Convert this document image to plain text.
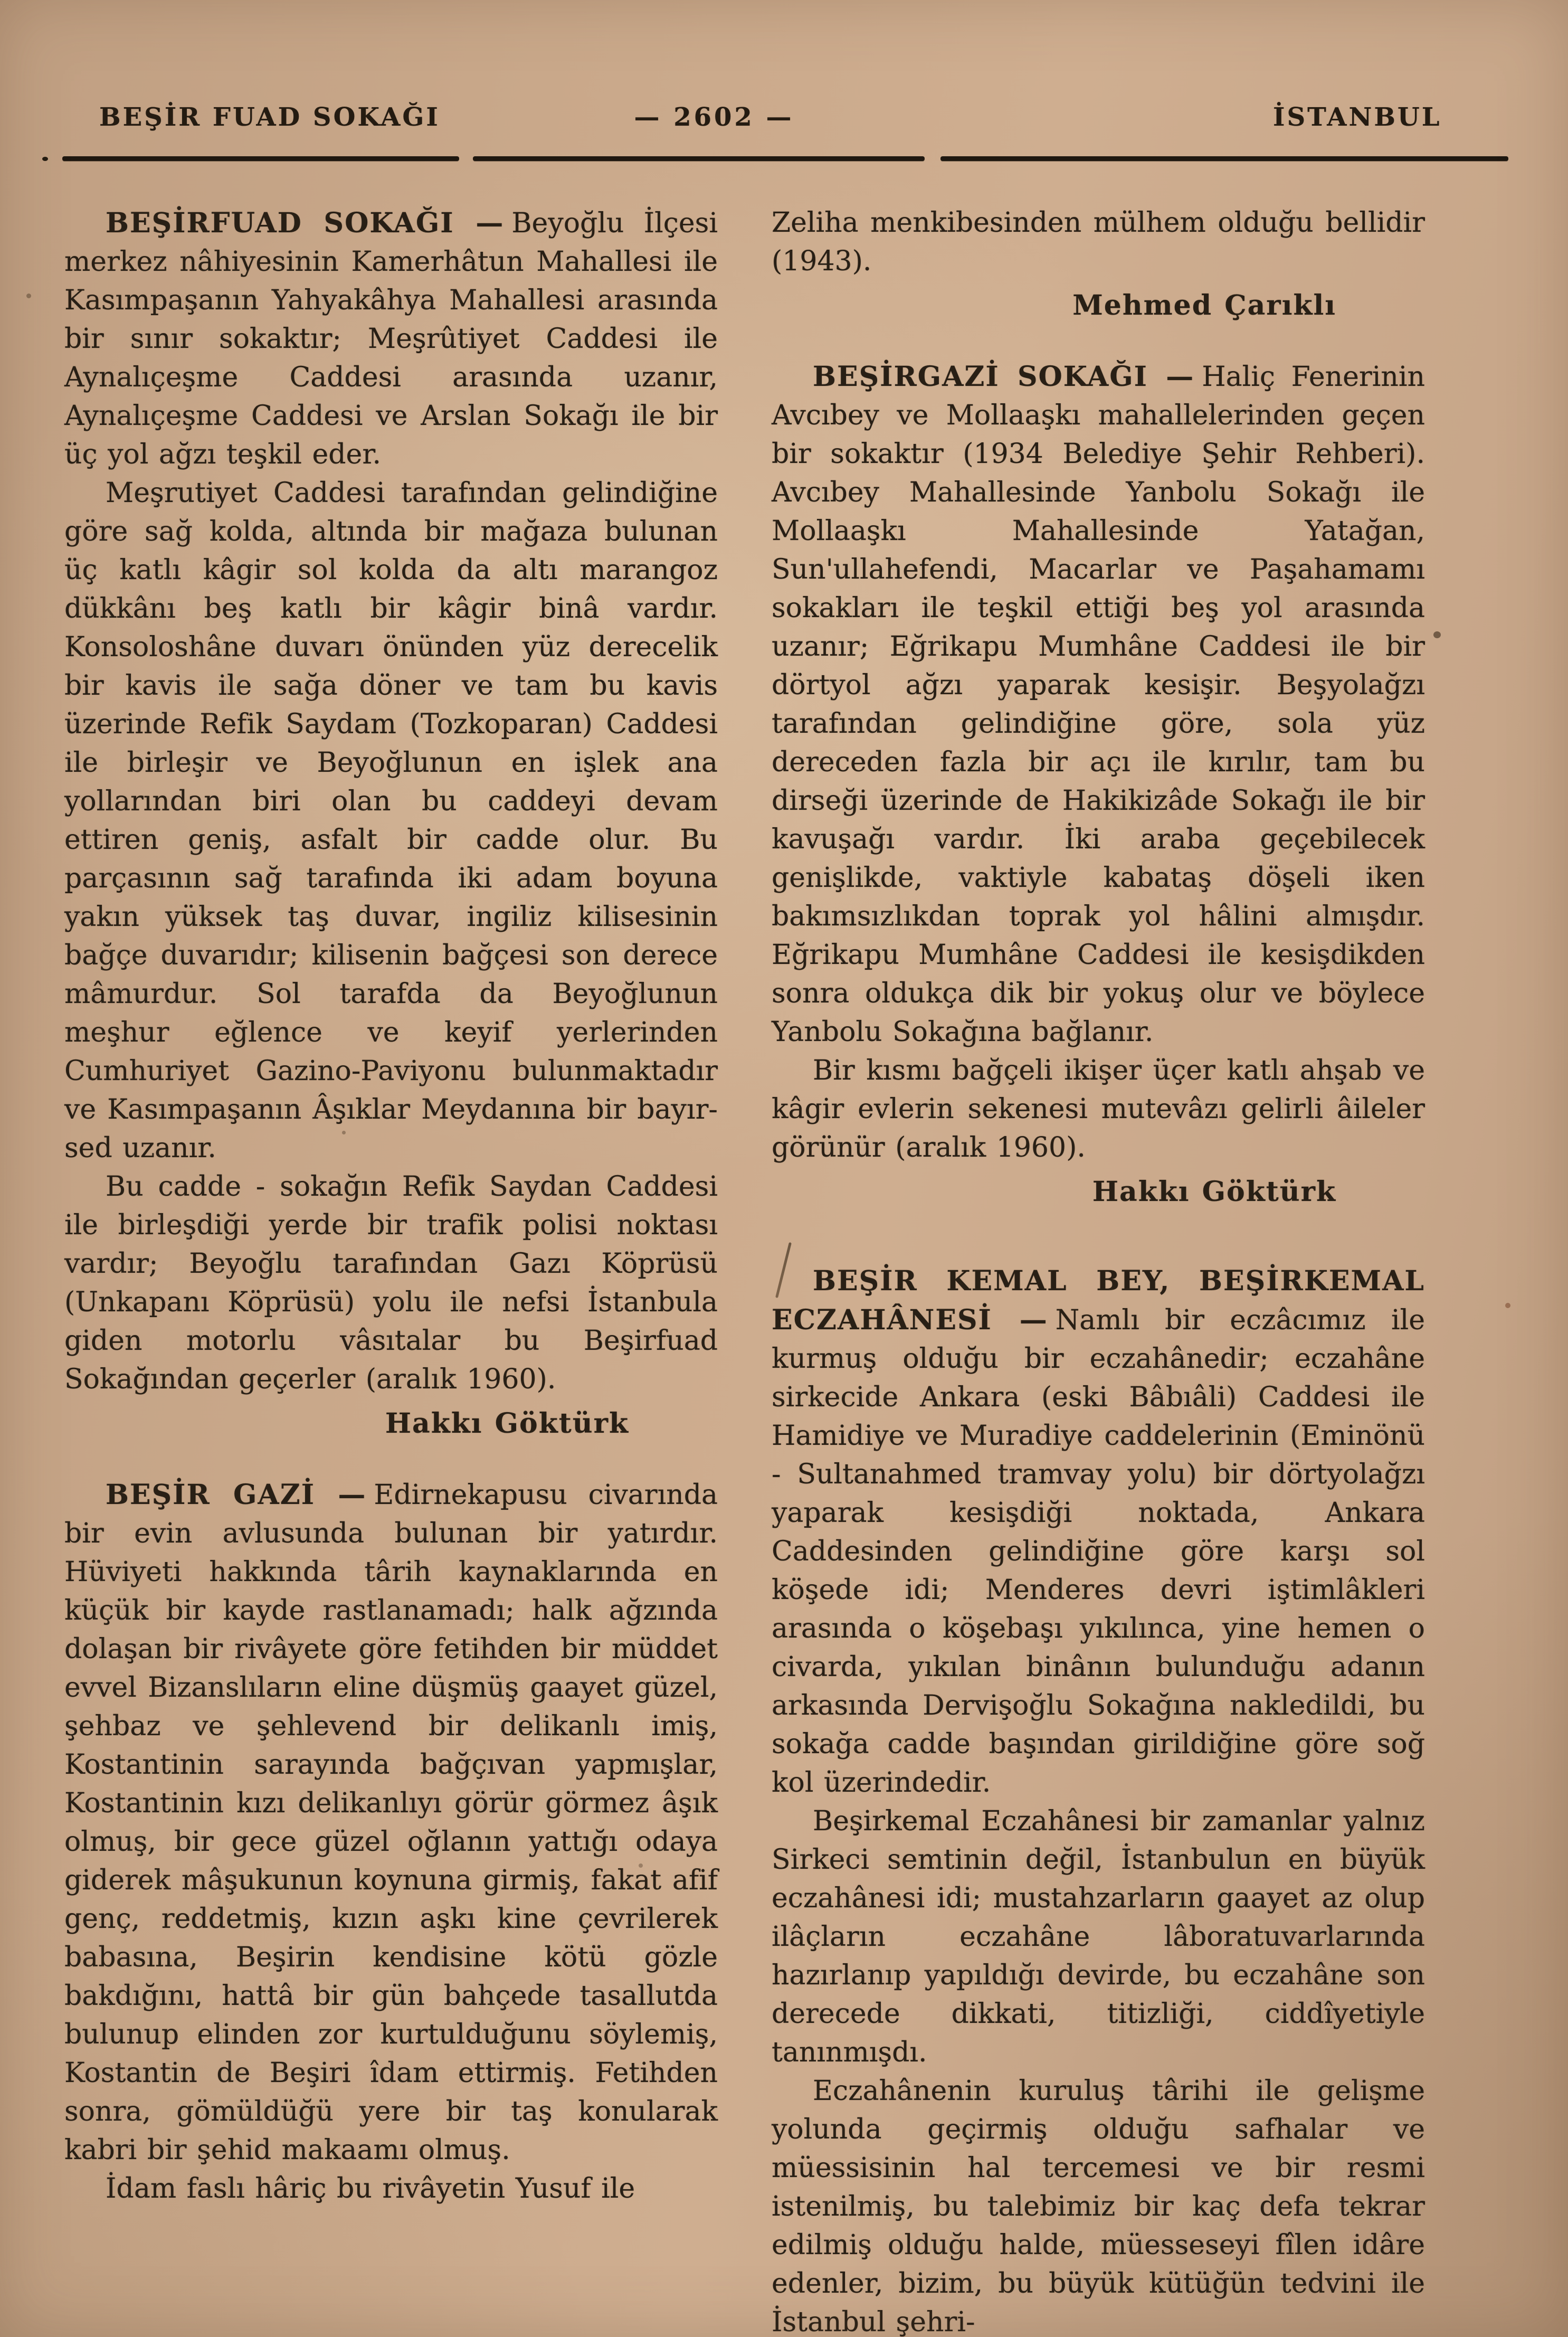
BEŞİR FUAD SOKAĞI	— 2602 —	İSTANBUL

BEŞİRFUAD SOKAĞI — Beyoğlu İlçesi merkez nâhiyesinin Kamerhâtun Mahallesi ile Kasımpaşanın Yahyakâhya Mahallesi arasında bir sınır sokaktır; Meşrûtiyet Caddesi ile Aynalıçeşme Caddesi arasında uzanır, Aynalıçeşme Caddesi ve Arslan Sokağı ile bir üç yol ağzı teşkil eder.

Meşrutiyet Caddesi tarafından gelindiğine göre sağ kolda, altında bir mağaza bulunan üç katlı kâgir sol kolda da altı marangoz dükkânı beş katlı bir kâgir binâ vardır. Konsoloshâne duvarı önünden yüz derecelik bir kavis ile sağa döner ve tam bu kavis üzerinde Refik Saydam (Tozkoparan) Caddesi ile birleşir ve Beyoğlunun en işlek ana yollarından biri olan bu caddeyi devam ettiren geniş, asfalt bir cadde olur. Bu parçasının sağ tarafında iki adam boyuna yakın yüksek taş duvar, ingiliz kilisesinin bağçe duvarıdır; kilisenin bağçesi son derece mâmurdur. Sol tarafda da Beyoğlunun meşhur eğlence ve keyif yerlerinden Cumhuriyet Gazino-Paviyonu bulunmaktadır ve Kasımpaşanın Âşıklar Meydanına bir bayır-sed uzanır.

Bu cadde - sokağın Refik Saydan Caddesi ile birleşdiği yerde bir trafik polisi noktası vardır; Beyoğlu tarafından Gazı Köprüsü (Unkapanı Köprüsü) yolu ile nefsi İstanbula giden motorlu vâsıtalar bu Beşirfuad Sokağından geçerler (aralık 1960).

Hakkı Göktürk

BEŞİR GAZİ — Edirnekapusu civarında bir evin avlusunda bulunan bir yatırdır. Hüviyeti hakkında târih kaynaklarında en küçük bir kayde rastlanamadı; halk ağzında dolaşan bir rivâyete göre fetihden bir müddet evvel Bizanslıların eline düşmüş gaayet güzel, şehbaz ve şehlevend bir delikanlı imiş, Kostantinin sarayında bağçıvan yapmışlar, Kostantinin kızı delikanlıyı görür görmez âşık olmuş, bir gece güzel oğlanın yattığı odaya giderek mâşukunun koynuna girmiş, fakat afif genç, reddetmiş, kızın aşkı kine çevrilerek babasına, Beşirin kendisine kötü gözle bakdığını, hattâ bir gün bahçede tasallutda bulunup elinden zor kurtulduğunu söylemiş, Kostantin de Beşiri îdam ettirmiş. Fetihden sonra, gömüldüğü yere bir taş konularak kabri bir şehid makaamı olmuş.

İdam faslı hâriç bu rivâyetin Yusuf ile

Zeliha menkibesinden mülhem olduğu bellidir (1943).

Mehmed Çarıklı

BEŞİRGAZİ SOKAĞI — Haliç Fenerinin Avcıbey ve Mollaaşkı mahallelerinden geçen bir sokaktır (1934 Belediye Şehir Rehberi). Avcıbey Mahallesinde Yanbolu Sokağı ile Mollaaşkı Mahallesinde Yatağan, Sun'ullahefendi, Macarlar ve Paşahamamı sokakları ile teşkil ettiği beş yol arasında uzanır; Eğrikapu Mumhâne Caddesi ile bir dörtyol ağzı yaparak kesişir. Beşyolağzı tarafından gelindiğine göre, sola yüz dereceden fazla bir açı ile kırılır, tam bu dirseği üzerinde de Hakikizâde Sokağı ile bir kavuşağı vardır. İki araba geçebilecek genişlikde, vaktiyle kabataş döşeli iken bakımsızlıkdan toprak yol hâlini almışdır. Eğrikapu Mumhâne Caddesi ile kesişdikden sonra oldukça dik bir yokuş olur ve böylece Yanbolu Sokağına bağlanır.

Bir kısmı bağçeli ikişer üçer katlı ahşab ve kâgir evlerin sekenesi mutevâzı gelirli âileler görünür (aralık 1960).

Hakkı Göktürk

BEŞİR KEMAL BEY, BEŞİRKEMAL ECZAHÂNESİ — Namlı bir eczâcımız ile kurmuş olduğu bir eczahânedir; eczahâne sirkecide Ankara (eski Bâbıâli) Caddesi ile Hamidiye ve Muradiye caddelerinin (Eminönü - Sultanahmed tramvay yolu) bir dörtyolağzı yaparak kesişdiği noktada, Ankara Caddesinden gelindiğine göre karşı sol köşede idi; Menderes devri iştimlâkleri arasında o köşebaşı yıkılınca, yine hemen o civarda, yıkılan binânın bulunduğu adanın arkasında Dervişoğlu Sokağına nakledildi, bu sokağa cadde başından girildiğine göre soğ kol üzerindedir.

Beşirkemal Eczahânesi bir zamanlar yalnız Sirkeci semtinin değil, İstanbulun en büyük eczahânesi idi; mustahzarların gaayet az olup ilâçların eczahâne lâboratuvarlarında hazırlanıp yapıldığı devirde, bu eczahâne son derecede dikkati, titizliği, ciddîyetiyle tanınmışdı.

Eczahânenin kuruluş târihi ile gelişme yolunda geçirmiş olduğu safhalar ve müessisinin hal tercemesi ve bir resmi istenilmiş, bu talebimiz bir kaç defa tekrar edilmiş olduğu halde, müesseseyi fîlen idâre edenler, bizim, bu büyük kütüğün tedvini ile İstanbul şehri-
